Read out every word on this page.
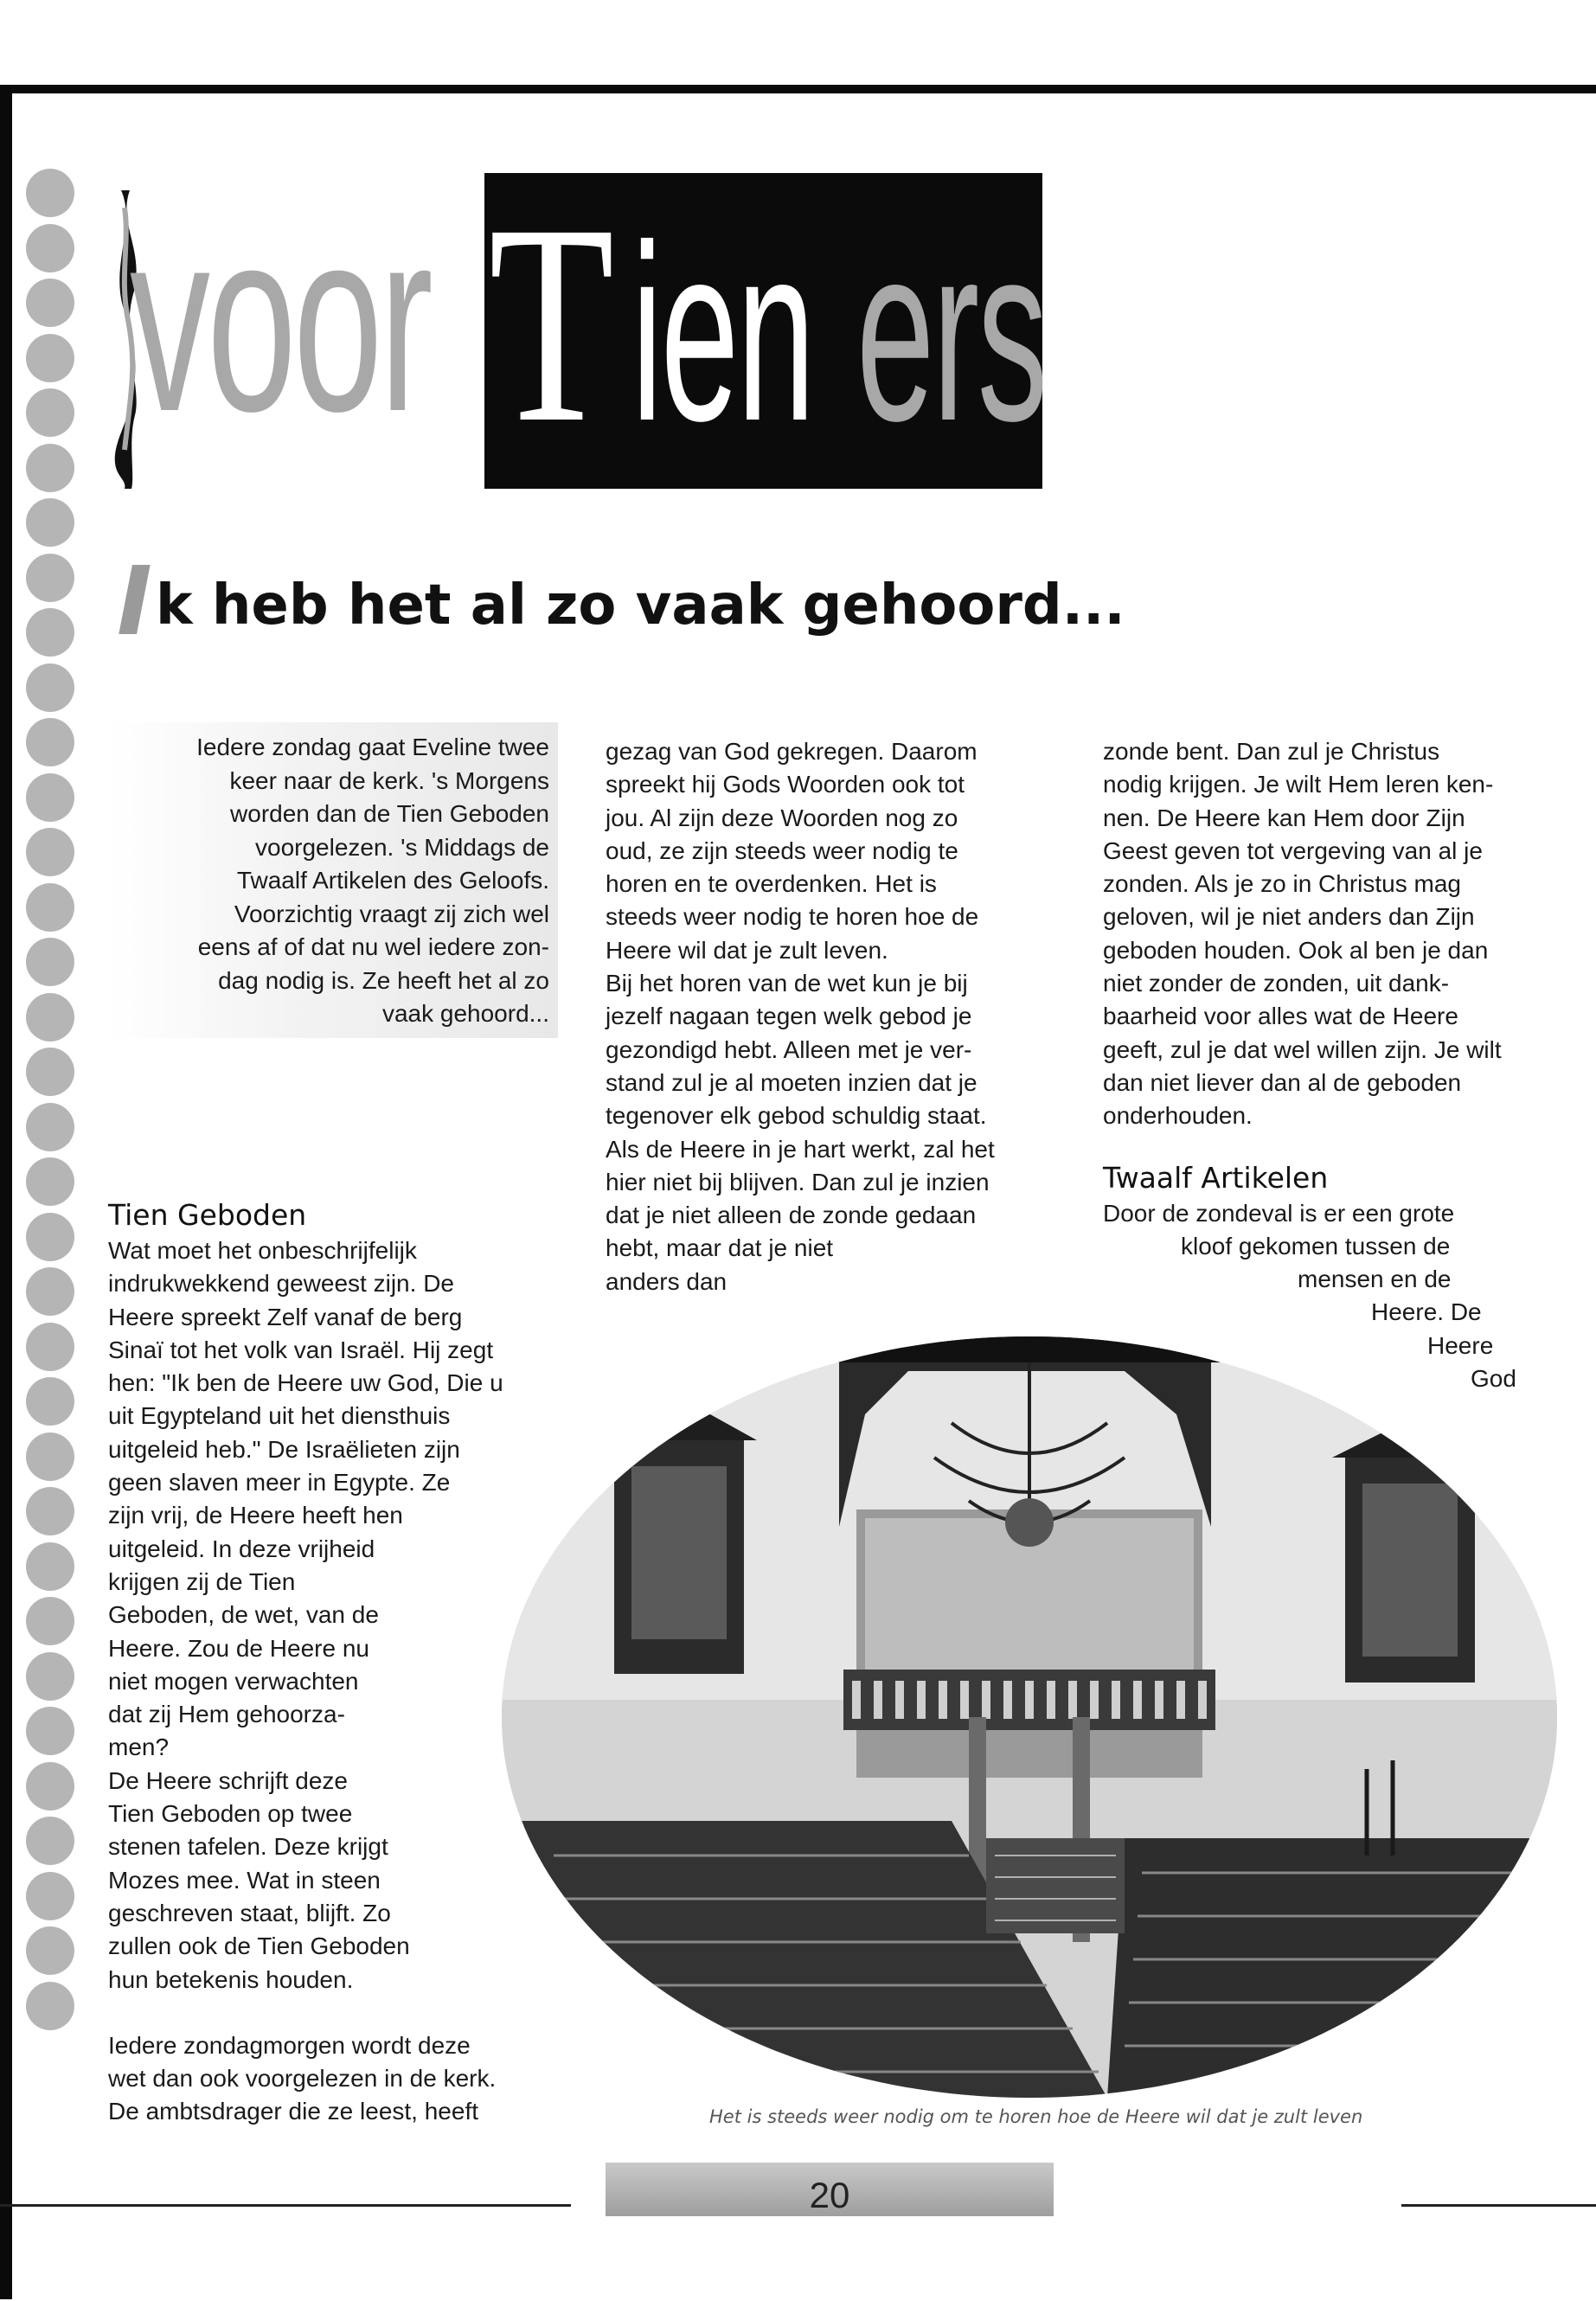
voor T ien ers
I k heb het al zo vaak gehoord...

Iedere zondag gaat Eveline twee
keer naar de kerk. 's Morgens
worden dan de Tien Geboden
voorgelezen. 's Middags de
Twaalf Artikelen des Geloofs.
Voorzichtig vraagt zij zich wel
eens af of dat nu wel iedere zon-
dag nodig is. Ze heeft het al zo
vaak gehoord...

Tien Geboden

Wat moet het onbeschrijfelijk
indrukwekkend geweest zijn. De
Heere spreekt Zelf vanaf de berg
Sinaï tot het volk van Israël. Hij zegt
hen: "Ik ben de Heere uw God, Die u
uit Egypteland uit het diensthuis
uitgeleid heb." De Israëlieten zijn
geen slaven meer in Egypte. Ze
zijn vrij, de Heere heeft hen
uitgeleid. In deze vrijheid
krijgen zij de Tien
Geboden, de wet, van de
Heere. Zou de Heere nu
niet mogen verwachten
dat zij Hem gehoorza-
men?
De Heere schrijft deze
Tien Geboden op twee
stenen tafelen. Deze krijgt
Mozes mee. Wat in steen
geschreven staat, blijft. Zo
zullen ook de Tien Geboden
hun betekenis houden.

Iedere zondagmorgen wordt deze
wet dan ook voorgelezen in de kerk.
De ambtsdrager die ze leest, heeft

gezag van God gekregen. Daarom
spreekt hij Gods Woorden ook tot
jou. Al zijn deze Woorden nog zo
oud, ze zijn steeds weer nodig te
horen en te overdenken. Het is
steeds weer nodig te horen hoe de
Heere wil dat je zult leven.
Bij het horen van de wet kun je bij
jezelf nagaan tegen welk gebod je
gezondigd hebt. Alleen met je ver-
stand zul je al moeten inzien dat je
tegenover elk gebod schuldig staat.
Als de Heere in je hart werkt, zal het
hier niet bij blijven. Dan zul je inzien
dat je niet alleen de zonde gedaan
hebt, maar dat je niet
anders dan

zonde bent. Dan zul je Christus
nodig krijgen. Je wilt Hem leren ken-
nen. De Heere kan Hem door Zijn
Geest geven tot vergeving van al je
zonden. Als je zo in Christus mag
geloven, wil je niet anders dan Zijn
geboden houden. Ook al ben je dan
niet zonder de zonden, uit dank-
baarheid voor alles wat de Heere
geeft, zul je dat wel willen zijn. Je wilt
dan niet liever dan al de geboden
onderhouden.

Twaalf Artikelen

Door de zondeval is er een grote
kloof gekomen tussen de
mensen en de
Heere. De
Heere
God

Het is steeds weer nodig om te horen hoe de Heere wil dat je zult leven
20
